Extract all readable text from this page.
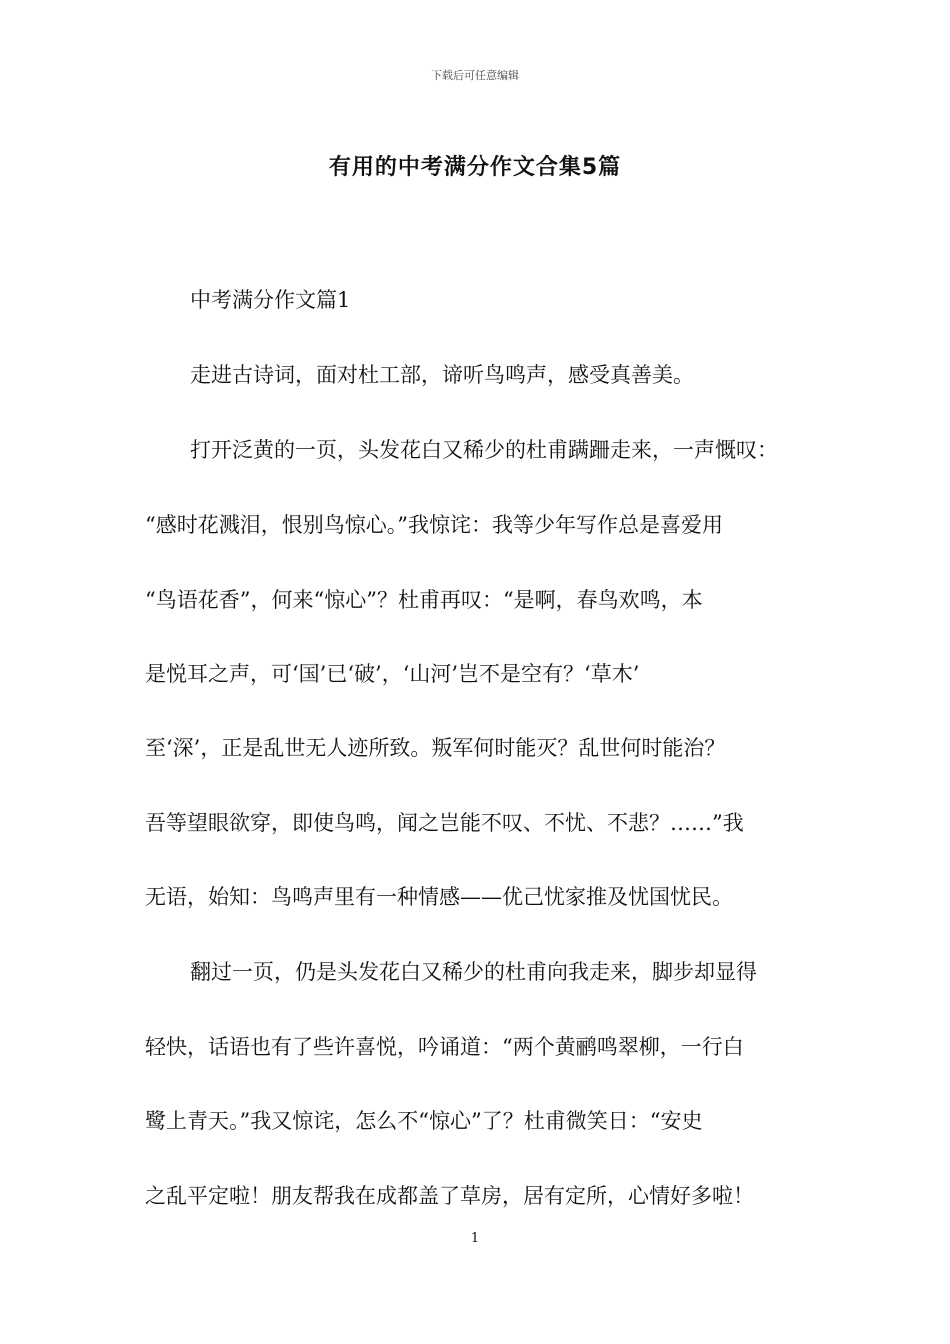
下载后可任意编辑
有用的中考满分作文合集5篇
中考满分作文篇1
走进古诗词，面对杜工部，谛听鸟鸣声，感受真善美。
打开泛黄的一页，头发花白又稀少的杜甫蹒跚走来，一声慨叹：
“感时花溅泪，恨别鸟惊心。”我惊诧：我等少年写作总是喜爱用
“鸟语花香”，何来“惊心”？杜甫再叹：“是啊，春鸟欢鸣，本
是悦耳之声，可‘国’已‘破’，‘山河’岂不是空有？‘草木’
至‘深’，正是乱世无人迹所致。叛军何时能灭？乱世何时能治？
吾等望眼欲穿，即使鸟鸣，闻之岂能不叹、不忧、不悲？……”我
无语，始知：鸟鸣声里有一种情感——优己忧家推及忧国忧民。
翻过一页，仍是头发花白又稀少的杜甫向我走来，脚步却显得
轻快，话语也有了些许喜悦，吟诵道：“两个黄鹂鸣翠柳，一行白
鹭上青天。”我又惊诧，怎么不“惊心”了？杜甫微笑日：“安史
之乱平定啦！朋友帮我在成都盖了草房，居有定所，心情好多啦！
1
